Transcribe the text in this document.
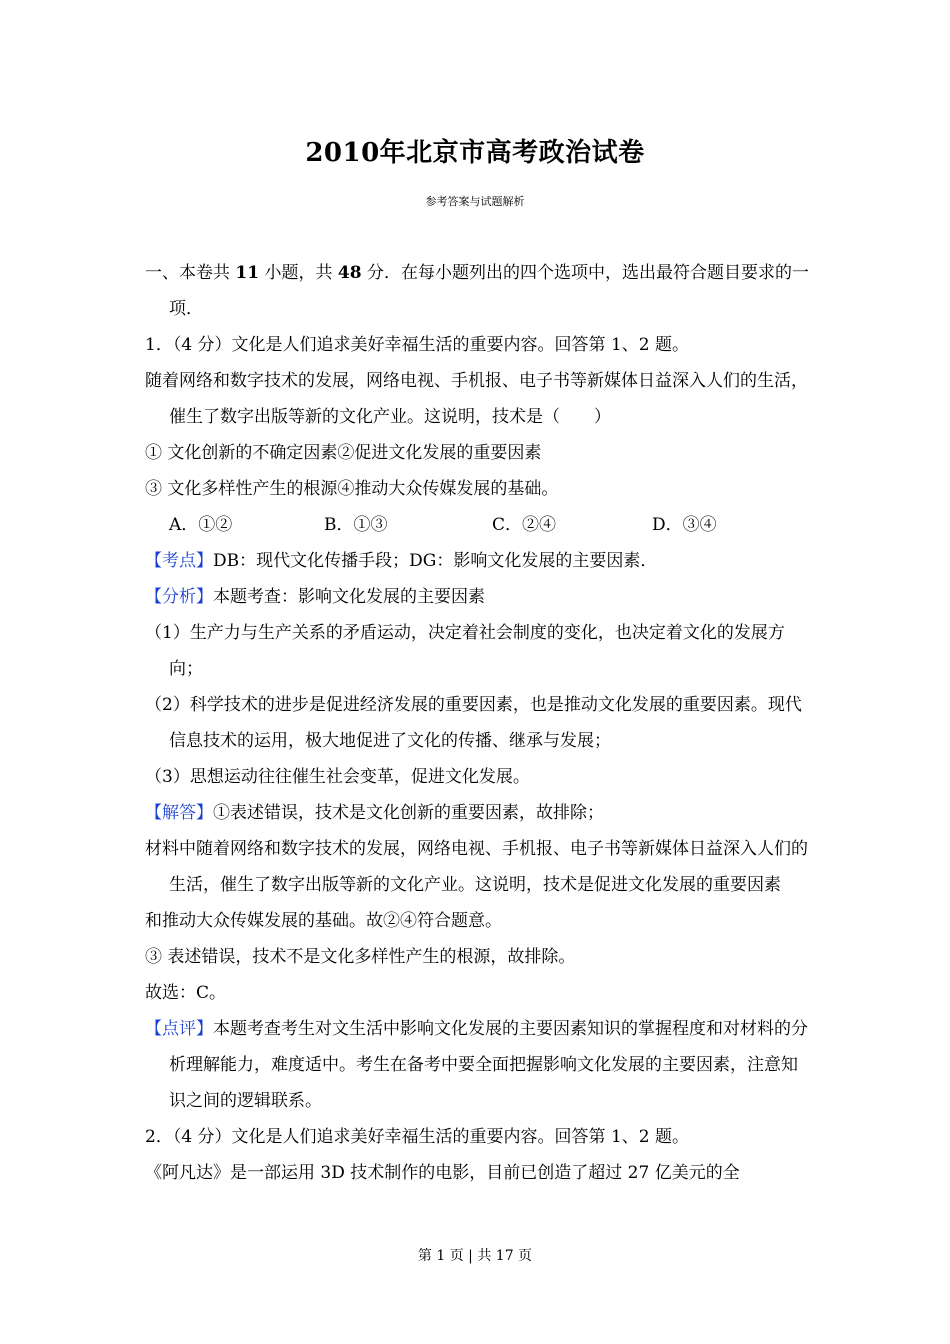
2010年北京市高考政治试卷
参考答案与试题解析

一、本卷共 11 小题，共 48 分．在每小题列出的四个选项中，选出最符合题目要求的一项．

1．（4 分）文化是人们追求美好幸福生活的重要内容。回答第 1、2 题。

随着网络和数字技术的发展，网络电视、手机报、电子书等新媒体日益深入人们的生活，催生了数字出版等新的文化产业。这说明，技术是（　　）

① 文化创新的不确定因素②促进文化发展的重要因素

③ 文化多样性产生的根源④推动大众传媒发展的基础。

A．①②	B．①③	C．②④	D．③④

【考点】DB：现代文化传播手段；DG：影响文化发展的主要因素．

【分析】本题考查：影响文化发展的主要因素

（1）生产力与生产关系的矛盾运动，决定着社会制度的变化，也决定着文化的发展方向；

（2）科学技术的进步是促进经济发展的重要因素，也是推动文化发展的重要因素。现代信息技术的运用，极大地促进了文化的传播、继承与发展；

（3）思想运动往往催生社会变革，促进文化发展。

【解答】①表述错误，技术是文化创新的重要因素，故排除；

材料中随着网络和数字技术的发展，网络电视、手机报、电子书等新媒体日益深入人们的生活，催生了数字出版等新的文化产业。这说明，技术是促进文化发展的重要因素

和推动大众传媒发展的基础。故②④符合题意。

③ 表述错误，技术不是文化多样性产生的根源，故排除。

故选：C。

【点评】本题考查考生对文生活中影响文化发展的主要因素知识的掌握程度和对材料的分析理解能力，难度适中。考生在备考中要全面把握影响文化发展的主要因素，注意知识之间的逻辑联系。

2．（4 分）文化是人们追求美好幸福生活的重要内容。回答第 1、2 题。

《阿凡达》是一部运用 3D 技术制作的电影，目前已创造了超过 27 亿美元的全

第 1 页 | 共 17 页
